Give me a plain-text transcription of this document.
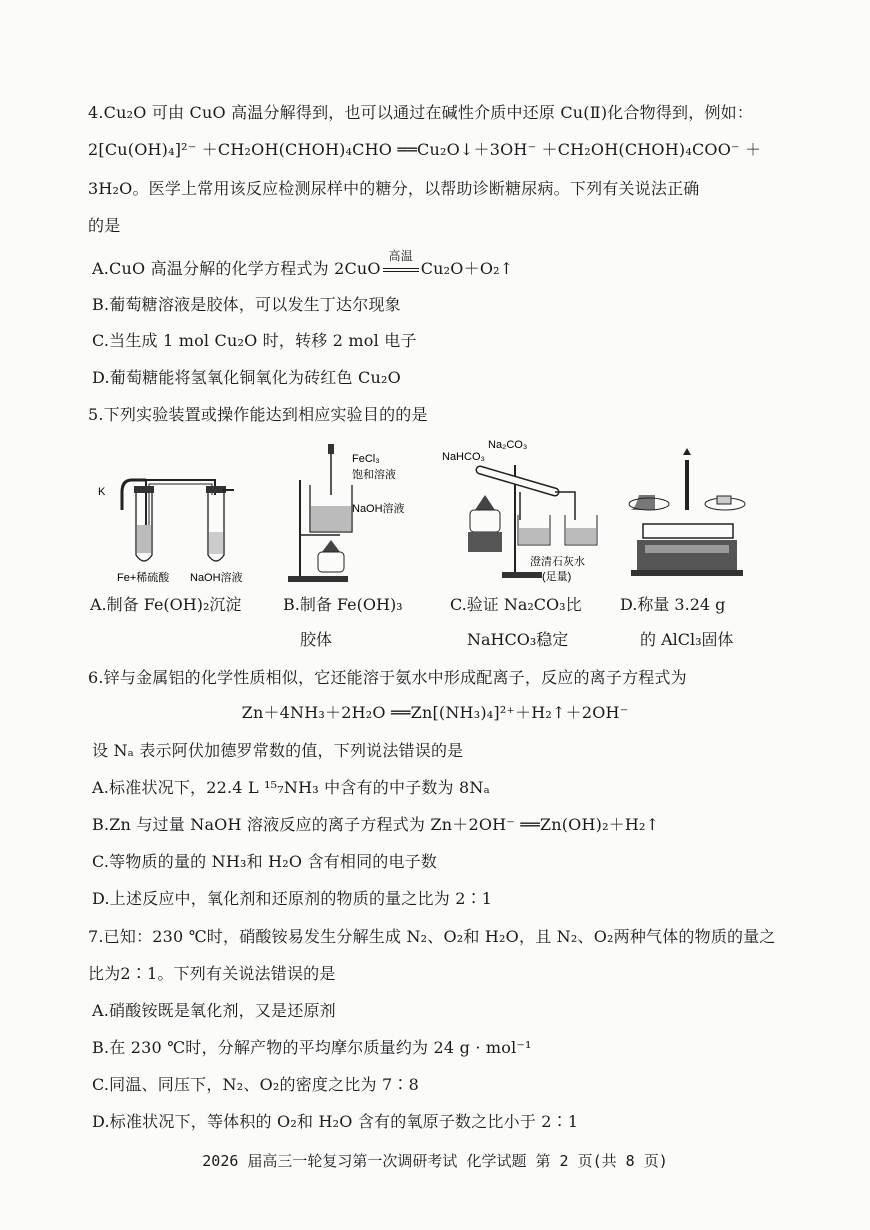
4.Cu₂O 可由 CuO 高温分解得到，也可以通过在碱性介质中还原 Cu(Ⅱ)化合物得到，例如：
2[Cu(OH)₄]²⁻ ＋CH₂OH(CHOH)₄CHO ══Cu₂O↓＋3OH⁻ ＋CH₂OH(CHOH)₄COO⁻ ＋
3H₂O。医学上常用该反应检测尿样中的糖分，以帮助诊断糖尿病。下列有关说法正确
的是
A.CuO 高温分解的化学方程式为 2CuO
高温
Cu₂O＋O₂↑
B.葡萄糖溶液是胶体，可以发生丁达尔现象
C.当生成 1 mol Cu₂O 时，转移 2 mol 电子
D.葡萄糖能将氢氧化铜氧化为砖红色 Cu₂O
5.下列实验装置或操作能达到相应实验目的的是
K
Fe+稀硫酸 NaOH溶液
FeCl₃
饱和溶液
NaOH溶液
NaHCO₃
Na₂CO₃
澄清石灰水
(足量)
A.制备 Fe(OH)₂沉淀	B.制备 Fe(OH)₃
胶体
C.验证 Na₂CO₃比
NaHCO₃稳定
D.称量 3.24 g
的 AlCl₃固体
6.锌与金属铝的化学性质相似，它还能溶于氨水中形成配离子，反应的离子方程式为
Zn＋4NH₃＋2H₂O ══Zn[(NH₃)₄]²⁺＋H₂↑＋2OH⁻
设 Nₐ 表示阿伏加德罗常数的值，下列说法错误的是
A.标准状况下，22.4 L ¹⁵₇NH₃ 中含有的中子数为 8Nₐ
B.Zn 与过量 NaOH 溶液反应的离子方程式为 Zn＋2OH⁻ ══Zn(OH)₂＋H₂↑
C.等物质的量的 NH₃和 H₂O 含有相同的电子数
D.上述反应中，氧化剂和还原剂的物质的量之比为 2∶1
7.已知：230 ℃时，硝酸铵易发生分解生成 N₂、O₂和 H₂O，且 N₂、O₂两种气体的物质的量之
比为2∶1。下列有关说法错误的是
A.硝酸铵既是氧化剂，又是还原剂
B.在 230 ℃时，分解产物的平均摩尔质量约为 24 g · mol⁻¹
C.同温、同压下，N₂、O₂的密度之比为 7∶8
D.标准状况下，等体积的 O₂和 H₂O 含有的氧原子数之比小于 2∶1
2026 届高三一轮复习第一次调研考试 化学试题 第 2 页(共 8 页)
